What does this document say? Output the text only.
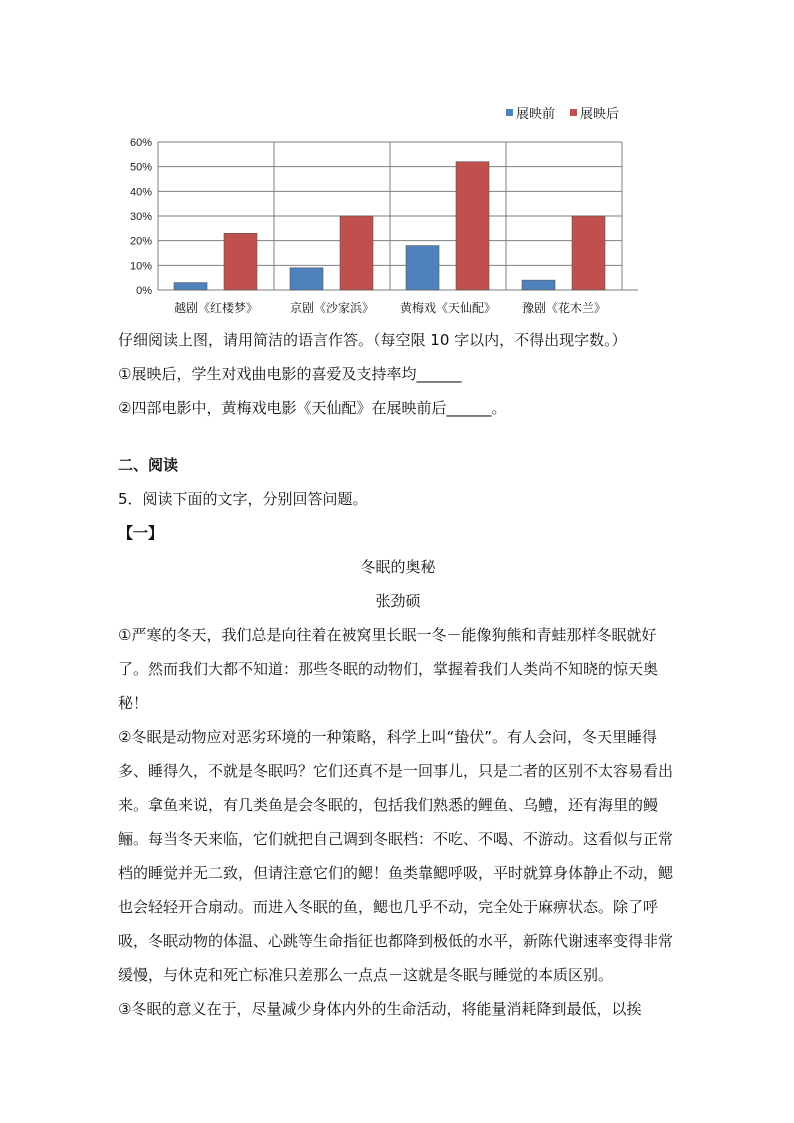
展映前 展映后
0%
10%
20%
30%
40%
50%
60%
越剧《红楼梦》	京剧《沙家浜》 黄梅戏《天仙配》 豫剧《花木兰》
仔细阅读上图，请用简洁的语言作答。（每空限 10 字以内，不得出现字数。）
①展映后，学生对戏曲电影的喜爱及支持率均______
②四部电影中，黄梅戏电影《天仙配》在展映前后______。
二、阅读
5．阅读下面的文字，分别回答问题。
【一】
冬眠的奥秘
张劲硕
①严寒的冬天，我们总是向往着在被窝里长眠一冬－能像狗熊和青蛙那样冬眠就好了。然而我们大都不知道：那些冬眠的动物们，掌握着我们人类尚不知晓的惊天奥秘！
②冬眠是动物应对恶劣环境的一种策略，科学上叫“蛰伏”。有人会问，冬天里睡得多、睡得久，不就是冬眠吗？它们还真不是一回事儿，只是二者的区别不太容易看出来。拿鱼来说，有几类鱼是会冬眠的，包括我们熟悉的鲤鱼、乌鳢，还有海里的鳗鲡。每当冬天来临，它们就把自己调到冬眠档：不吃、不喝、不游动。这看似与正常档的睡觉并无二致，但请注意它们的鳃！鱼类靠鳃呼吸，平时就算身体静止不动，鳃也会轻轻开合扇动。而进入冬眠的鱼，鳃也几乎不动，完全处于麻痹状态。除了呼吸，冬眠动物的体温、心跳等生命指征也都降到极低的水平，新陈代谢速率变得非常缓慢，与休克和死亡标准只差那么一点点－这就是冬眠与睡觉的本质区别。
③冬眠的意义在于，尽量减少身体内外的生命活动，将能量消耗降到最低，以挨
